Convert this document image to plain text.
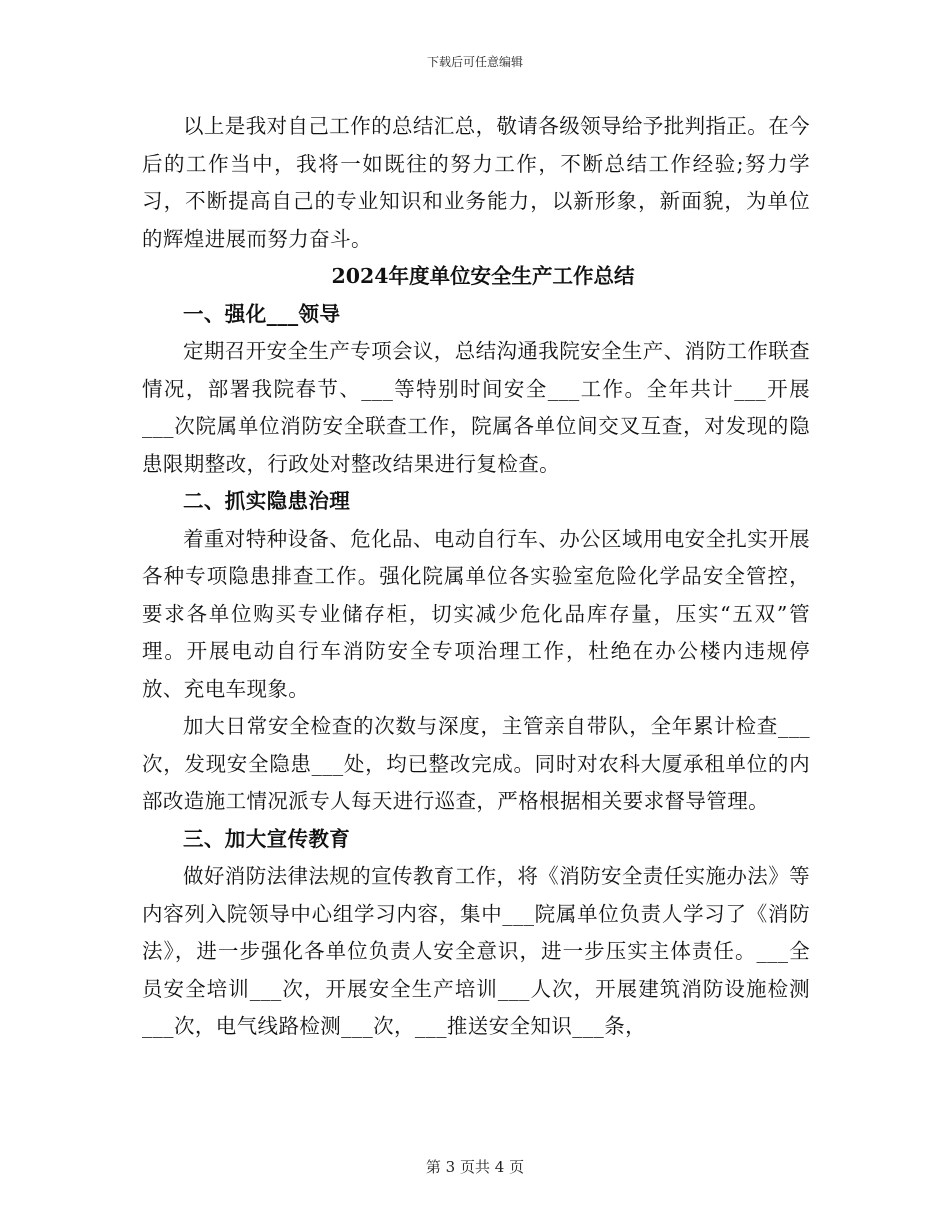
下载后可任意编辑

以上是我对自己工作的总结汇总，敬请各级领导给予批判指正。在今后的工作当中，我将一如既往的努力工作，不断总结工作经验;努力学习，不断提高自己的专业知识和业务能力，以新形象，新面貌，为单位的辉煌进展而努力奋斗。

2024年度单位安全生产工作总结

一、强化___领导

定期召开安全生产专项会议，总结沟通我院安全生产、消防工作联查情况，部署我院春节、___等特别时间安全___工作。全年共计___开展___次院属单位消防安全联查工作，院属各单位间交叉互查，对发现的隐患限期整改，行政处对整改结果进行复检查。

二、抓实隐患治理

着重对特种设备、危化品、电动自行车、办公区域用电安全扎实开展各种专项隐患排查工作。强化院属单位各实验室危险化学品安全管控，要求各单位购买专业储存柜，切实减少危化品库存量，压实“五双”管理。开展电动自行车消防安全专项治理工作，杜绝在办公楼内违规停放、充电车现象。

加大日常安全检查的次数与深度，主管亲自带队，全年累计检查___次，发现安全隐患___处，均已整改完成。同时对农科大厦承租单位的内部改造施工情况派专人每天进行巡查，严格根据相关要求督导管理。

三、加大宣传教育

做好消防法律法规的宣传教育工作，将《消防安全责任实施办法》等内容列入院领导中心组学习内容，集中___院属单位负责人学习了《消防法》，进一步强化各单位负责人安全意识，进一步压实主体责任。___全员安全培训___次，开展安全生产培训___人次，开展建筑消防设施检测___次，电气线路检测___次，___推送安全知识___条，

第 3 页共 4 页
